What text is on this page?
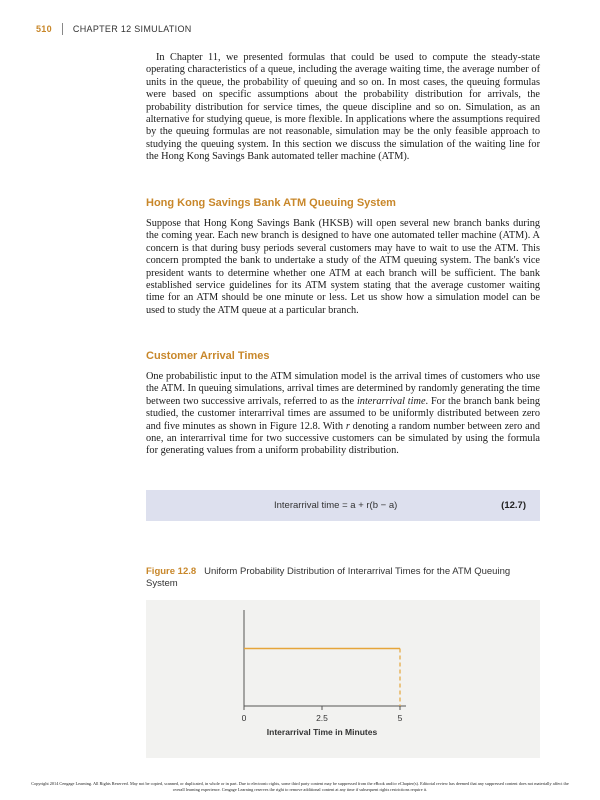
510 CHAPTER 12 SIMULATION

In Chapter 11, we presented formulas that could be used to compute the steady-state operating characteristics of a queue, including the average waiting time, the average number of units in the queue, the probability of queuing and so on. In most cases, the queuing formulas were based on specific assumptions about the probability distribution for arrivals, the probability distribution for service times, the queue discipline and so on. Simulation, as an alternative for studying queue, is more flexible. In applications where the assumptions required by the queuing formulas are not reasonable, simulation may be the only feasible approach to studying the queuing system. In this section we discuss the simulation of the waiting line for the Hong Kong Savings Bank automated teller machine (ATM).

Hong Kong Savings Bank ATM Queuing System

Suppose that Hong Kong Savings Bank (HKSB) will open several new branch banks during the coming year. Each new branch is designed to have one automated teller machine (ATM). A concern is that during busy periods several customers may have to wait to use the ATM. This concern prompted the bank to undertake a study of the ATM queuing system. The bank's vice president wants to determine whether one ATM at each branch will be sufficient. The bank established service guidelines for its ATM system stating that the average customer waiting time for an ATM should be one minute or less. Let us show how a simulation model can be used to study the ATM queue at a particular branch.

Customer Arrival Times

One probabilistic input to the ATM simulation model is the arrival times of customers who use the ATM. In queuing simulations, arrival times are determined by randomly generating the time between two successive arrivals, referred to as the interarrival time. For the branch bank being studied, the customer interarrival times are assumed to be uniformly distributed between zero and five minutes as shown in Figure 12.8. With r denoting a random number between zero and one, an interarrival time for two successive customers can be simulated by using the formula for generating values from a uniform probability distribution.

Interarrival time = a + r(b − a)	(12.7)

Figure 12.8 Uniform Probability Distribution of Interarrival Times for the ATM Queuing System

0	2.5	5
Interarrival Time in Minutes

Copyright 2014 Cengage Learning. All Rights Reserved. May not be copied, scanned, or duplicated, in whole or in part. Due to electronic rights, some third party content may be suppressed from the eBook and/or eChapter(s). Editorial review has deemed that any suppressed content does not materially affect the overall learning experience. Cengage Learning reserves the right to remove additional content at any time if subsequent rights restrictions require it.
